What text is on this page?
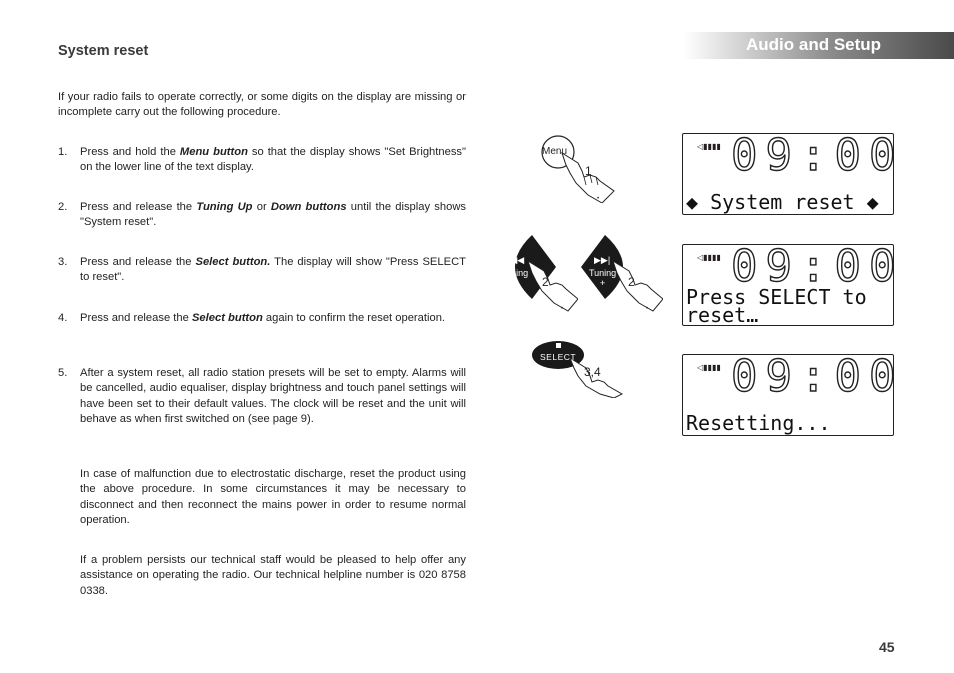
Audio and Setup
System reset
If your radio fails to operate correctly, or some digits on the display are missing or incomplete carry out the following procedure.
1. Press and hold the Menu button so that the display shows "Set Brightness" on the lower line of the text display.
2. Press and release the Tuning Up or Down buttons until the display shows "System reset".
3. Press and release the Select button. The display will show "Press SELECT to reset".
4. Press and release the Select button again to confirm the reset operation.
5. After a system reset, all radio station presets will be set to empty. Alarms will be cancelled, audio equaliser, display brightness and touch panel settings will have been set to their default values. The clock will be reset and the unit will behave as when first switched on (see page 9).
In case of malfunction due to electrostatic discharge, reset the product using the above procedure. In some circumstances it may be necessary to disconnect and then reconnect the mains power in order to resume normal operation.
If a problem persists our technical staff would be pleased to help offer any assistance on operating the radio. Our technical helpline number is 020 8758 0338.
45
•
Menu
1
|◀◀
•
Tuning
- 2
▶▶|
•
Tuning
+ 2
SELECT
3,4
◁▮▮▮▮ 09:00
◆ System reset ◆
◁▮▮▮▮ 09:00
Press SELECT to
reset…
◁▮▮▮▮ 09:00
Resetting...
